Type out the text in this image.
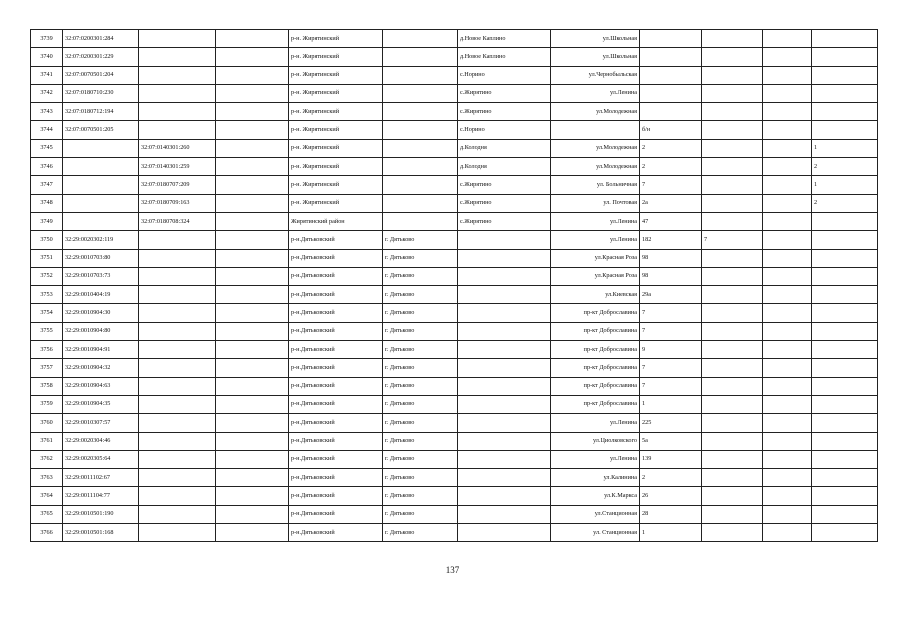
3739	32:07:0200301:284			р-н. Жирятинский		д.Новое Каплино	ул.Школьная				
3740	32:07:0200301:229			р-н. Жирятинский		д.Новое Каплино	ул.Школьная				
3741	32:07:0070501:204			р-н. Жирятинский		с.Норино	ул.Чернобыльская				
3742	32:07:0180710:230			р-н. Жирятинский		с.Жирятино	ул.Ленина				
3743	32:07:0180712:194			р-н. Жирятинский		с.Жирятино	ул.Молодежная				
3744	32:07:0070501:205			р-н. Жирятинский		с.Норино		б/н			
3745		32:07:0140301:260		р-н. Жирятинский		д.Колодня	ул.Молодежная	2			1
3746		32:07:0140301:259		р-н. Жирятинский		д.Колодня	ул.Молодежная	2			2
3747		32:07:0180707:209		р-н. Жирятинский		с.Жирятино	ул. Больничная	7			1
3748		32:07:0180709:163		р-н. Жирятинский		с.Жирятино	ул. Почтовая	2а			2
3749		32:07:0180708:324		Жирятинский район		с.Жирятино	ул.Ленина	47			
3750	32:29:0020302:119			р-н.Дятьковский	г. Дятьково		ул.Ленина	182	7		
3751	32:29:0010703:80			р-н.Дятьковский	г. Дятьково		ул.Красная Роза	98			
3752	32:29:0010703:73			р-н.Дятьковский	г. Дятьково		ул.Красная Роза	98			
3753	32:29:0010404:19			р-н.Дятьковский	г. Дятьково		ул.Киевская	29а			
3754	32:29:0010904:30			р-н.Дятьковский	г. Дятьково		пр-кт Доброславина	7			
3755	32:29:0010904:80			р-н.Дятьковский	г. Дятьково		пр-кт Доброславина	7			
3756	32:29:0010904:91			р-н.Дятьковский	г. Дятьково		пр-кт Доброславина	9			
3757	32:29:0010904:32			р-н.Дятьковский	г. Дятьково		пр-кт Доброславина	7			
3758	32:29:0010904:63			р-н.Дятьковский	г. Дятьково		пр-кт Доброславина	7			
3759	32:29:0010904:35			р-н.Дятьковский	г. Дятьково		пр-кт Доброславина	1			
3760	32:29:0010307:57			р-н.Дятьковский	г. Дятьково		ул.Ленина	225			
3761	32:29:0020304:46			р-н.Дятьковский	г. Дятьково		ул.Циолковского	5а			
3762	32:29:0020305:64			р-н.Дятьковский	г. Дятьково		ул.Ленина	139			
3763	32:29:0011102:67			р-н.Дятьковский	г. Дятьково		ул.Калинина	2			
3764	32:29:0011104:77			р-н.Дятьковский	г. Дятьково		ул.К.Маркса	26			
3765	32:29:0010501:190			р-н.Дятьковский	г. Дятьково		ул.Станционная	28			
3766	32:29:0010501:168			р-н.Дятьковский	г. Дятьково		ул. Станционная	1			
137
